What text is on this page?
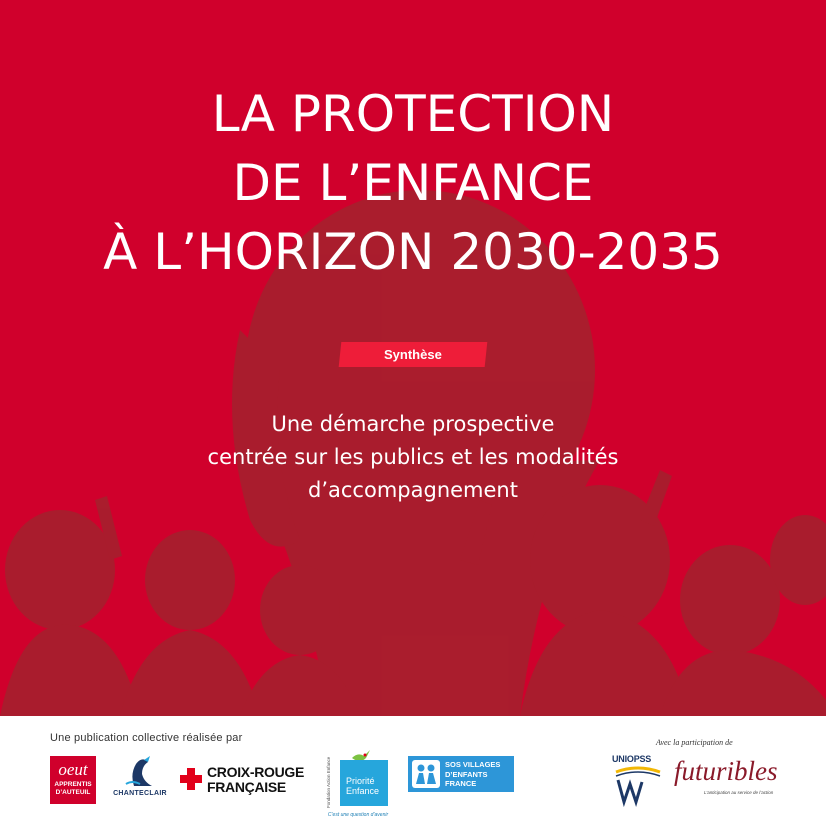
LA PROTECTION
DE L’ENFANCE
À L’HORIZON 2030-2035
Synthèse
Une démarche prospective
centrée sur les publics et les modalités
d’accompagnement
Une publication collective réalisée par	Avec la participation de
oeut
APPRENTIS D’AUTEUIL	CHANTECLAIR
CROIX-ROUGE
FRANÇAISE	Fondation Action Enfance	Priorité
Enfance
C’est une question d’avenir
SOS VILLAGES
D’ENFANTS
FRANCE
UNIOPSS futuribles
L’anticipation au service de l’action
